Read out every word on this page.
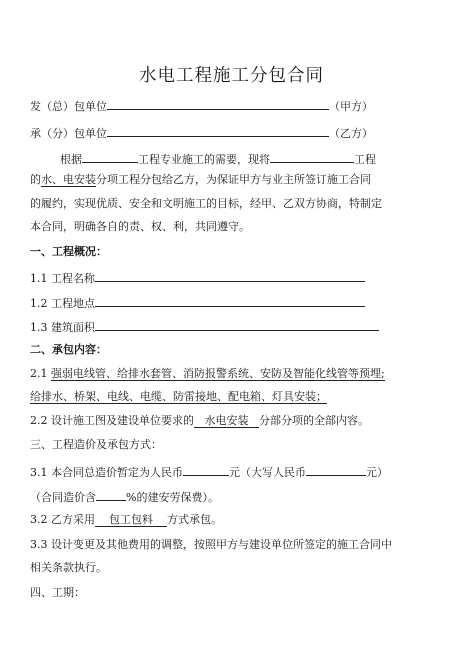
水电工程施工分包合同
发（总）包单位	（甲方）
承（分）包单位	（乙方）
根据	工程专业施工的需要，现将	工程
的水、电安装分项工程分包给乙方，为保证甲方与业主所签订施工合同
的履约，实现优质、安全和文明施工的目标，经甲、乙双方协商，特制定
本合同，明确各自的责、权、利，共同遵守。
一、工程概况：
1.1 工程名称
1.2 工程地点
1.3 建筑面积
二、承包内容：
2.1 强弱电线管、给排水套管、消防报警系统、安防及智能化线管等预埋;
给排水、桥架、电线、电缆、防雷接地、配电箱、灯具安装；
2.2 设计施工图及建设单位要求的 水电安装 分部分项的全部内容。
三、工程造价及承包方式：
3.1 本合同总造价暂定为人民币	元（大写人民币	元）
（合同造价含	%的建安劳保费）。
3.2 乙方采用 包工包料 方式承包。
3.3 设计变更及其他费用的调整，按照甲方与建设单位所签定的施工合同中
相关条款执行。
四、工期：
